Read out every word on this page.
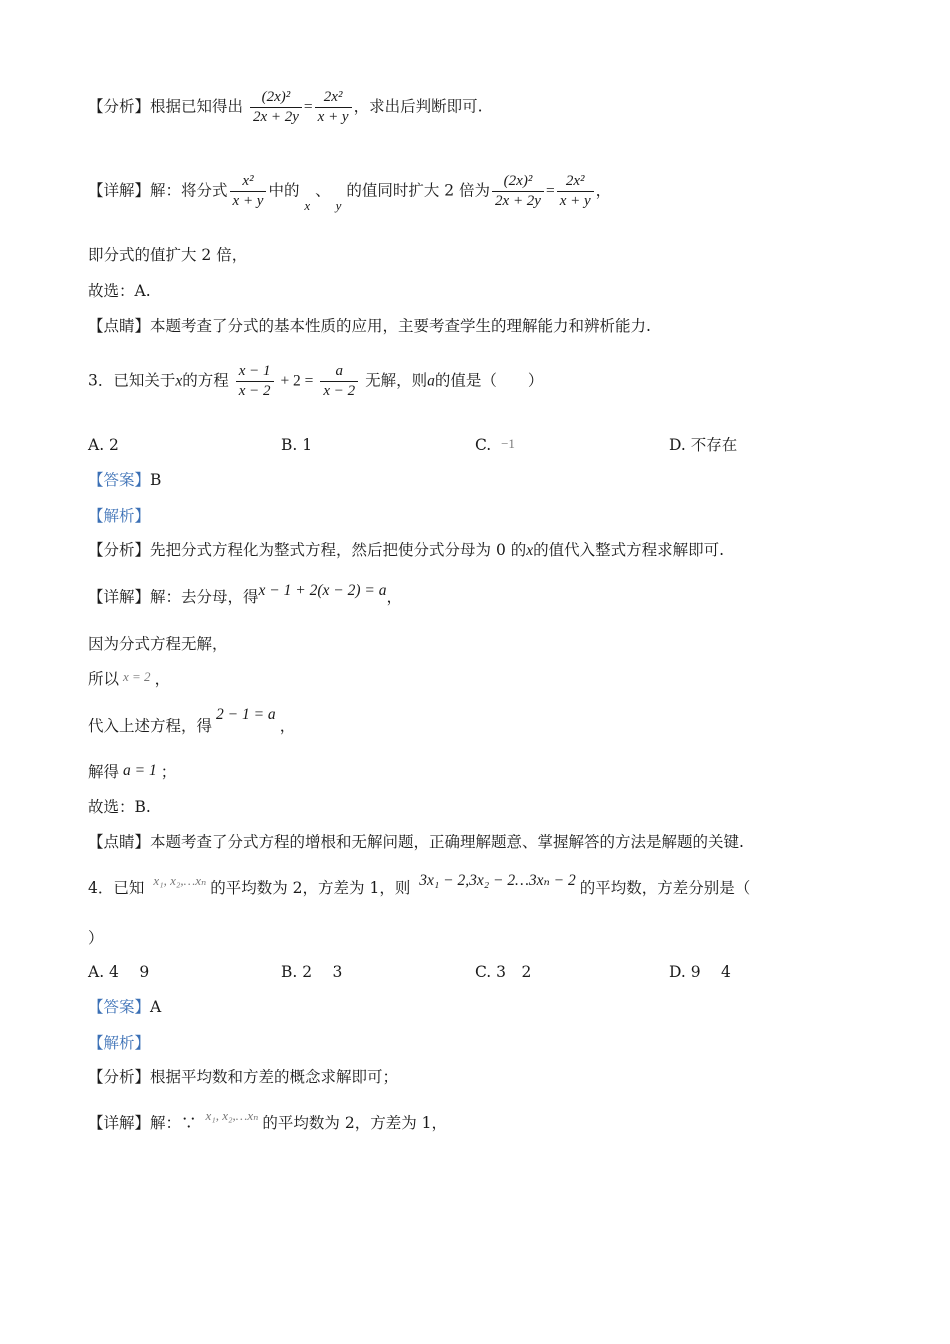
【分析】根据已知得出 $\frac{\text{(2x)²}}{2x + 2y} = \frac{\text{2x²}}{x + y}$ ，求出后判断即可.
【详解】解：将分式 $\frac{\text{x²}}{x + y}$ 中的 $_x$ 、 $_y$ 的值同时扩大 2 倍为 $\frac{\text{(2x)²}}{2x + 2y} = \frac{\text{2x²}}{x + y}$ ，
即分式的值扩大 2 倍，
故选：A.
【点睛】本题考查了分式的基本性质的应用，主要考查学生的理解能力和辨析能力.
3．已知关于x的方程 $\frac{x - 1}{x - 2} + 2 = \frac{a}{x - 2}$ 无解，则a的值是（　　）
A. 2	B. 1	C. −1	D. 不存在
【答案】B
【解析】
【分析】先把分式方程化为整式方程，然后把使分式分母为 0 的x的值代入整式方程求解即可.
【详解】解：去分母，得x − 1 + 2(x − 2) = a，
因为分式方程无解，
所以 x = 2 ，
代入上述方程，得2 − 1 = a，
解得 a = 1 ；
故选：B.
【点睛】本题考查了分式方程的增根和无解问题，正确理解题意、掌握解答的方法是解题的关键.
4．已知 $^{x_1, x_2,\dots x_n}$ 的平均数为 2，方差为 1，则 3x₁ − 2,3x₂ − 2…3xₙ − 2 的平均数，方差分别是（
）
A. 4　 9	B. 2　 3	C. 3　2	D. 9　 4
【答案】A
【解析】
【分析】根据平均数和方差的概念求解即可；
【详解】解：∵ $^{x_1, x_2,\dots x_n}$ 的平均数为 2，方差为 1，
